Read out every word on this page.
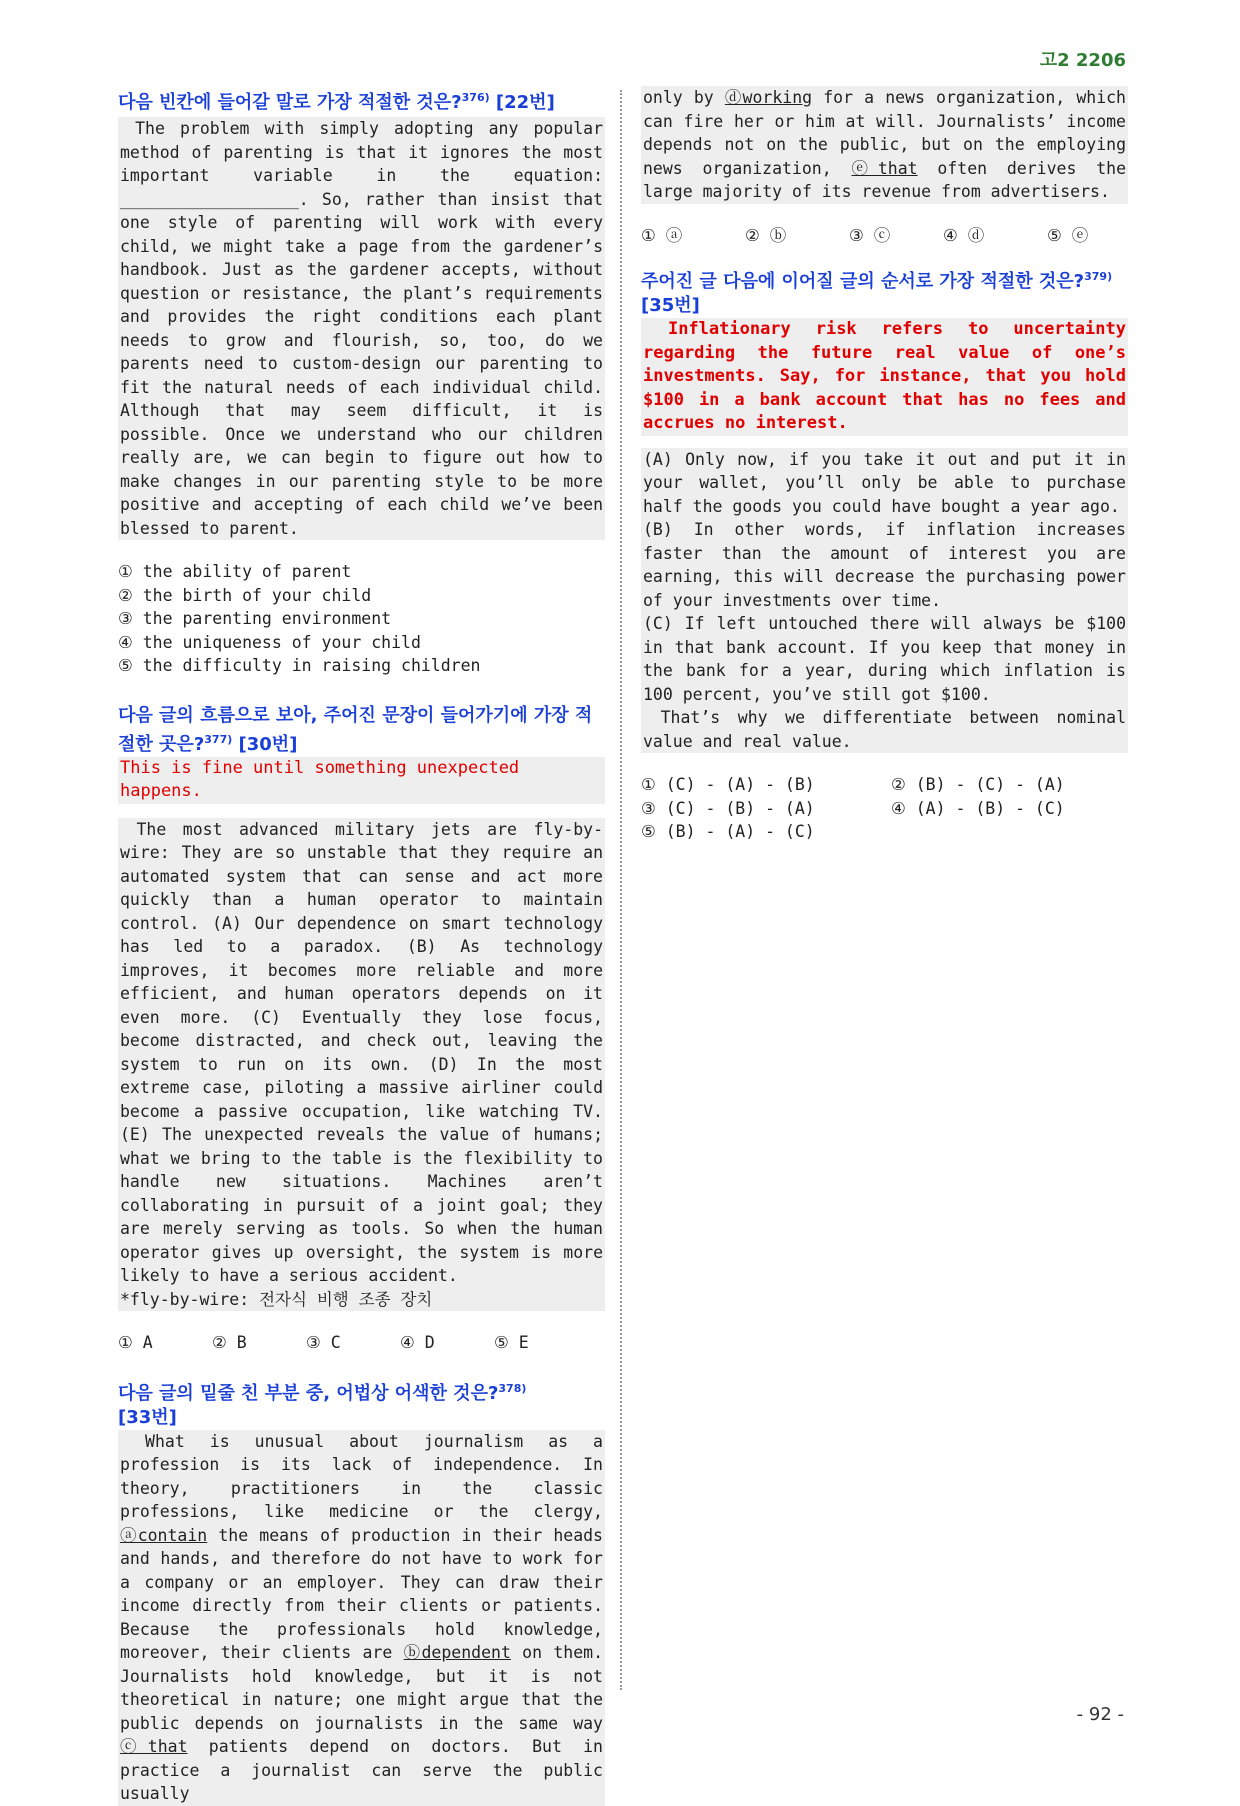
고2 2206
다음 빈칸에 들어갈 말로 가장 적절한 것은?$^{376)}$ [22번]

The problem with simply adopting any popular method of parenting is that it ignores the most important variable in the equation: __________________. So, rather than insist that one style of parenting will work with every child, we might take a page from the gardener’s handbook. Just as the gardener accepts, without question or resistance, the plant’s requirements and provides the right conditions each plant needs to grow and flourish, so, too, do we parents need to custom-design our parenting to fit the natural needs of each individual child. Although that may seem difficult, it is possible. Once we understand who our children really are, we can begin to figure out how to make changes in our parenting style to be more positive and accepting of each child we’ve been blessed to parent.

① the ability of parent
② the birth of your child
③ the parenting environment
④ the uniqueness of your child
⑤ the difficulty in raising children
다음 글의 흐름으로 보아, 주어진 문장이 들어가기에 가장 적절한 곳은?$^{377)}$ [30번]
This is fine until something unexpected happens.

The most advanced military jets are fly-by-wire: They are so unstable that they require an automated system that can sense and act more quickly than a human operator to maintain control. (A) Our dependence on smart technology has led to a paradox. (B) As technology improves, it becomes more reliable and more efficient, and human operators depends on it even more. (C) Eventually they lose focus, become distracted, and check out, leaving the system to run on its own. (D) In the most extreme case, piloting a massive airliner could become a passive occupation, like watching TV. (E) The unexpected reveals the value of humans; what we bring to the table is the flexibility to handle new situations. Machines aren’t collaborating in pursuit of a joint goal; they are merely serving as tools. So when the human operator gives up oversight, the system is more likely to have a serious accident.

*fly-by-wire: 전자식 비행 조종 장치

① A	② B	③ C	④ D	⑤ E
다음 글의 밑줄 친 부분 중, 어법상 어색한 것은?$^{378)}$
[33번]

What is unusual about journalism as a profession is its lack of independence. In theory, practitioners in the classic professions, like medicine or the clergy, ⓐcontain the means of production in their heads and hands, and therefore do not have to work for a company or an employer. They can draw their income directly from their clients or patients. Because the professionals hold knowledge, moreover, their clients are ⓑdependent on them. Journalists hold knowledge, but it is not theoretical in nature; one might argue that the public depends on journalists in the same way ⓒthat patients depend on doctors. But in practice a journalist can serve the public usually

only by ⓓworking for a news organization, which can fire her or him at will. Journalists’ income depends not on the public, but on the employing news organization, ⓔthat often derives the large majority of its revenue from advertisers.

① ⓐ	② ⓑ	③ ⓒ	④ ⓓ	⑤ ⓔ
주어진 글 다음에 이어질 글의 순서로 가장 적절한 것은?$^{379)}$ [35번]
Inflationary risk refers to uncertainty regarding the future real value of one’s investments. Say, for instance, that you hold $100 in a bank account that has no fees and accrues no interest.

(A) Only now, if you take it out and put it in your wallet, you’ll only be able to purchase half the goods you could have bought a year ago.

(B) In other words, if inflation increases faster than the amount of interest you are earning, this will decrease the purchasing power of your investments over time.

(C) If left untouched there will always be $100 in that bank account. If you keep that money in the bank for a year, during which inflation is 100 percent, you’ve still got $100.

That’s why we differentiate between nominal value and real value.

① (C) - (A) - (B)	② (B) - (C) - (A)
③ (C) - (B) - (A)	④ (A) - (B) - (C)
⑤ (B) - (A) - (C)
- 92 -
